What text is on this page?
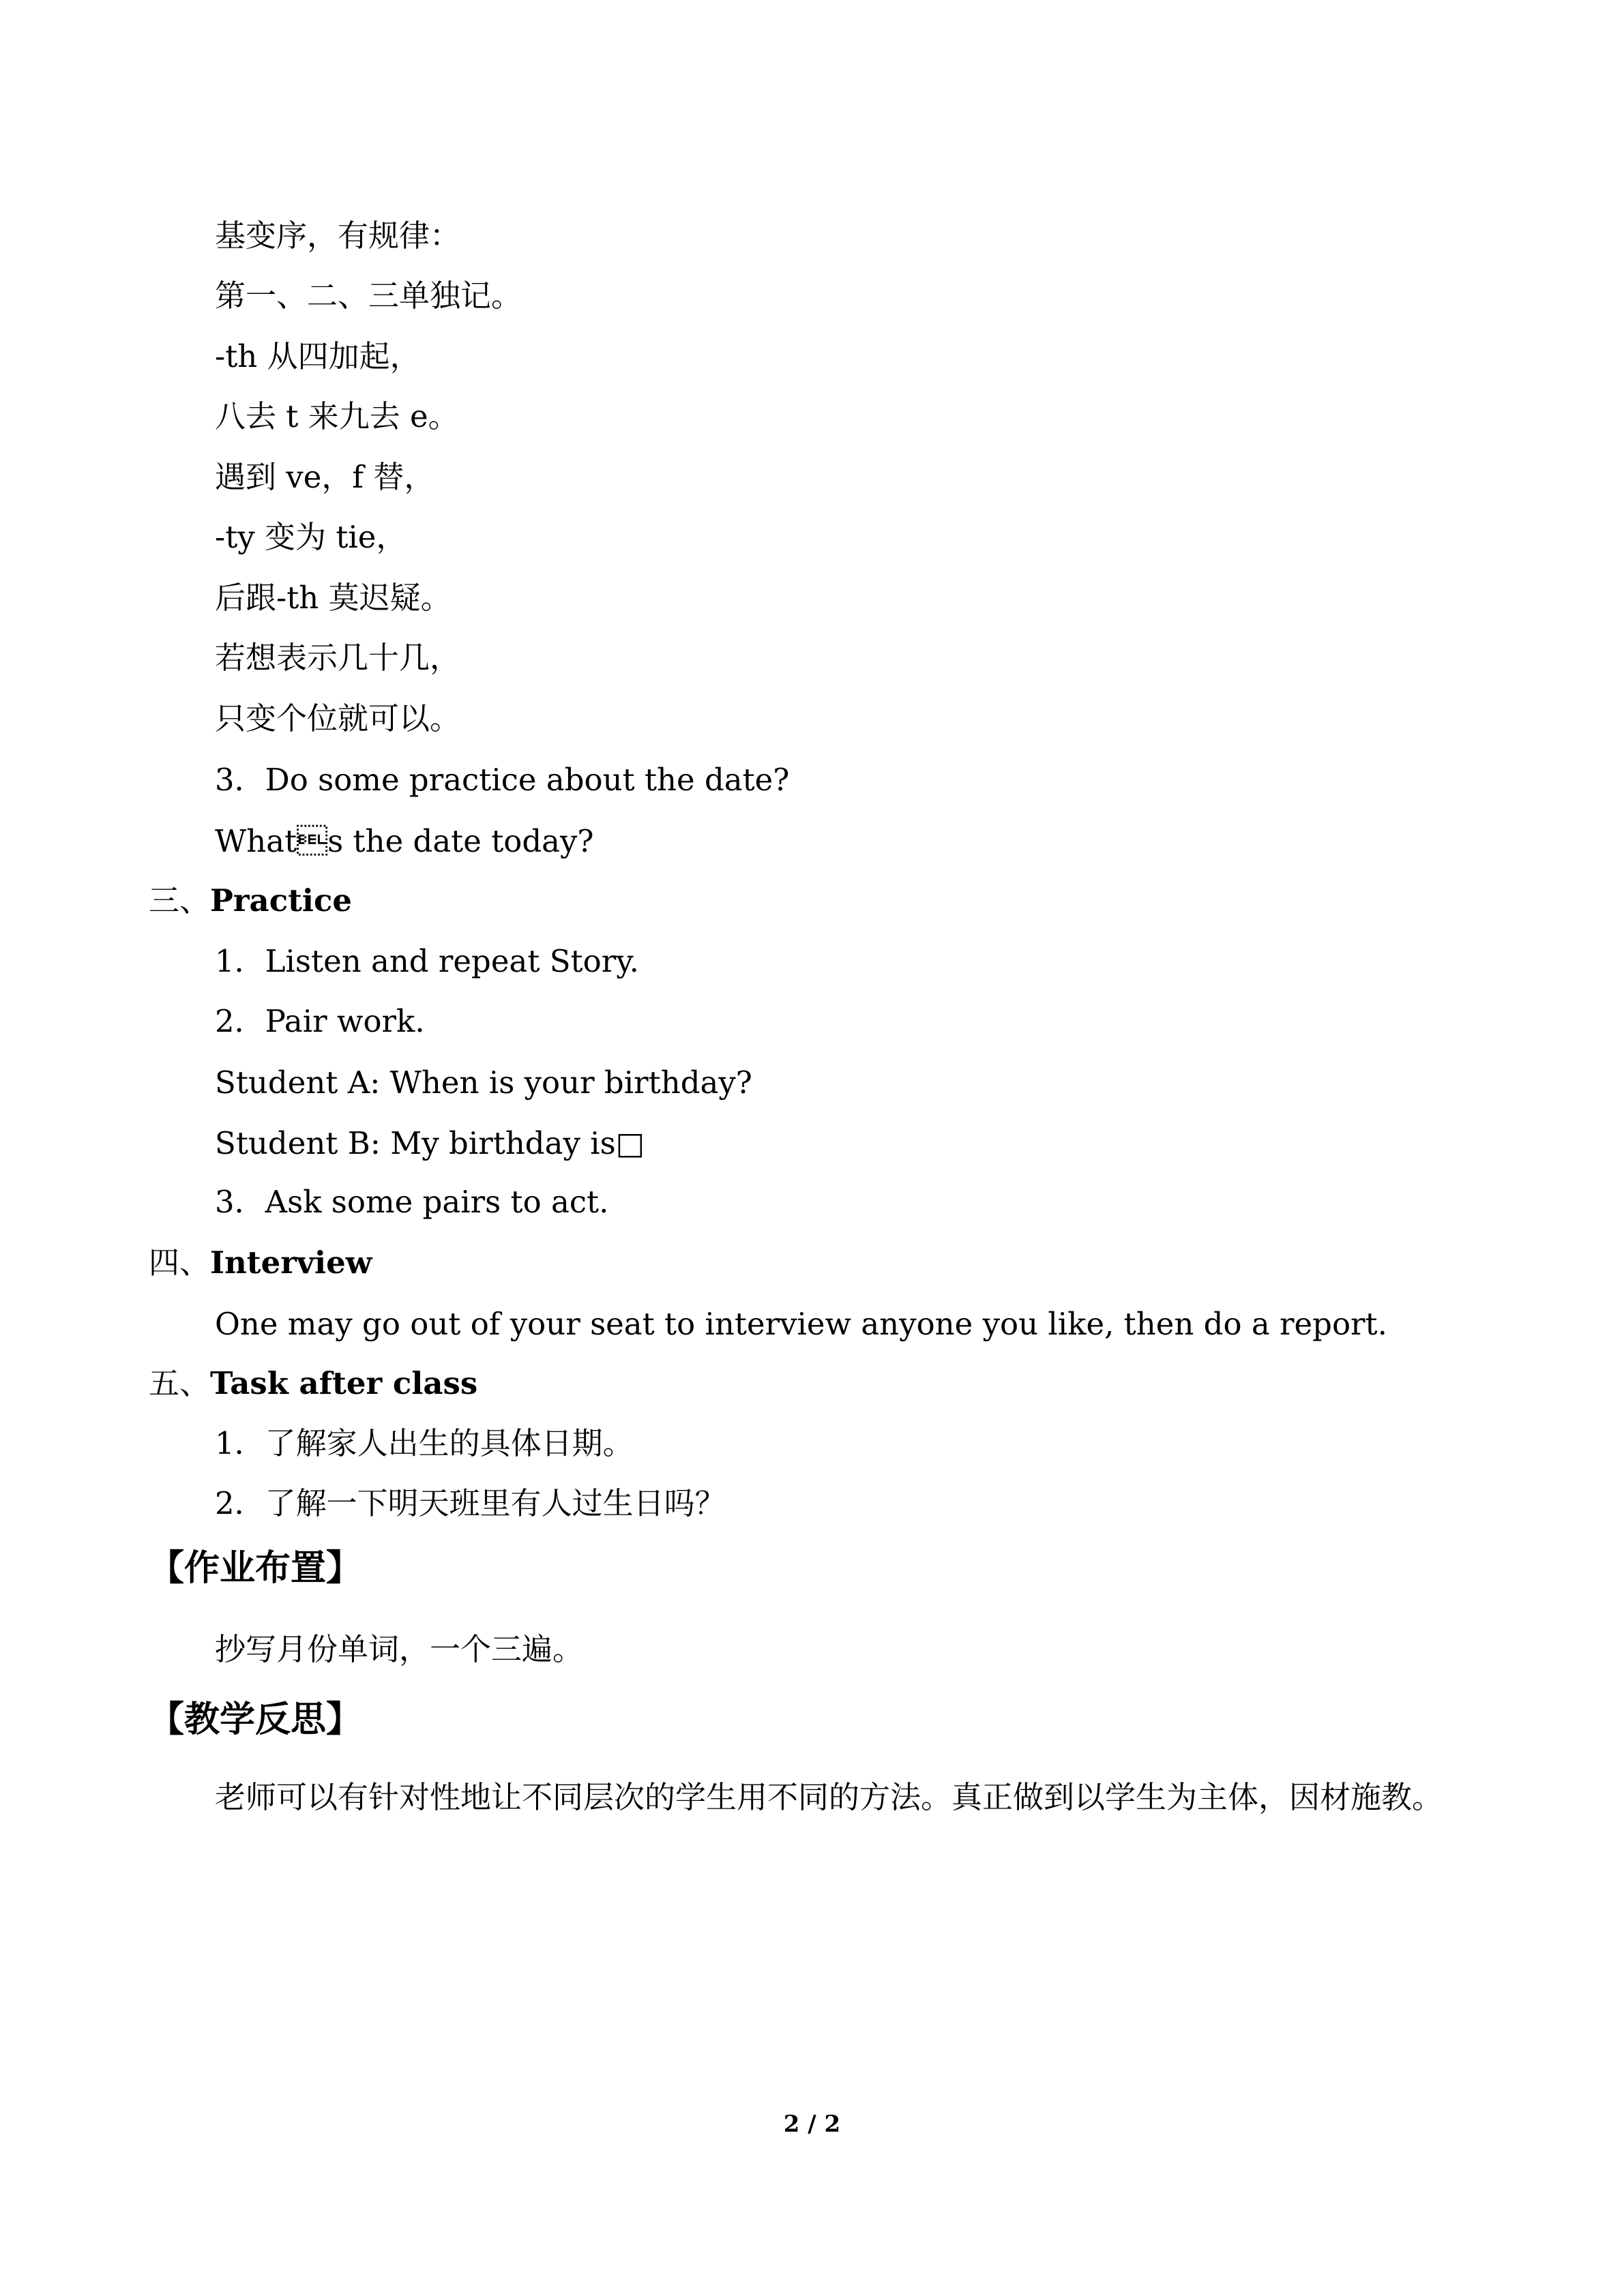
基变序，有规律：
第一、二、三单独记。
-th 从四加起，
八去 t 来九去 e。
遇到 ve，f 替，
-ty 变为 tie，
后跟-th 莫迟疑。
若想表示几十几，
只变个位就可以。
3．Do some practice about the date?
Whats the date today?
三、Practice
1．Listen and repeat Story.
2．Pair work.
Student A: When is your birthday?
Student B: My birthday is□
3．Ask some pairs to act.
四、Interview
One may go out of your seat to interview anyone you like, then do a report.
五、Task after class
1．了解家人出生的具体日期。
2．了解一下明天班里有人过生日吗？
【作业布置】
抄写月份单词，一个三遍。
【教学反思】
老师可以有针对性地让不同层次的学生用不同的方法。真正做到以学生为主体，因材施教。
2 / 2
